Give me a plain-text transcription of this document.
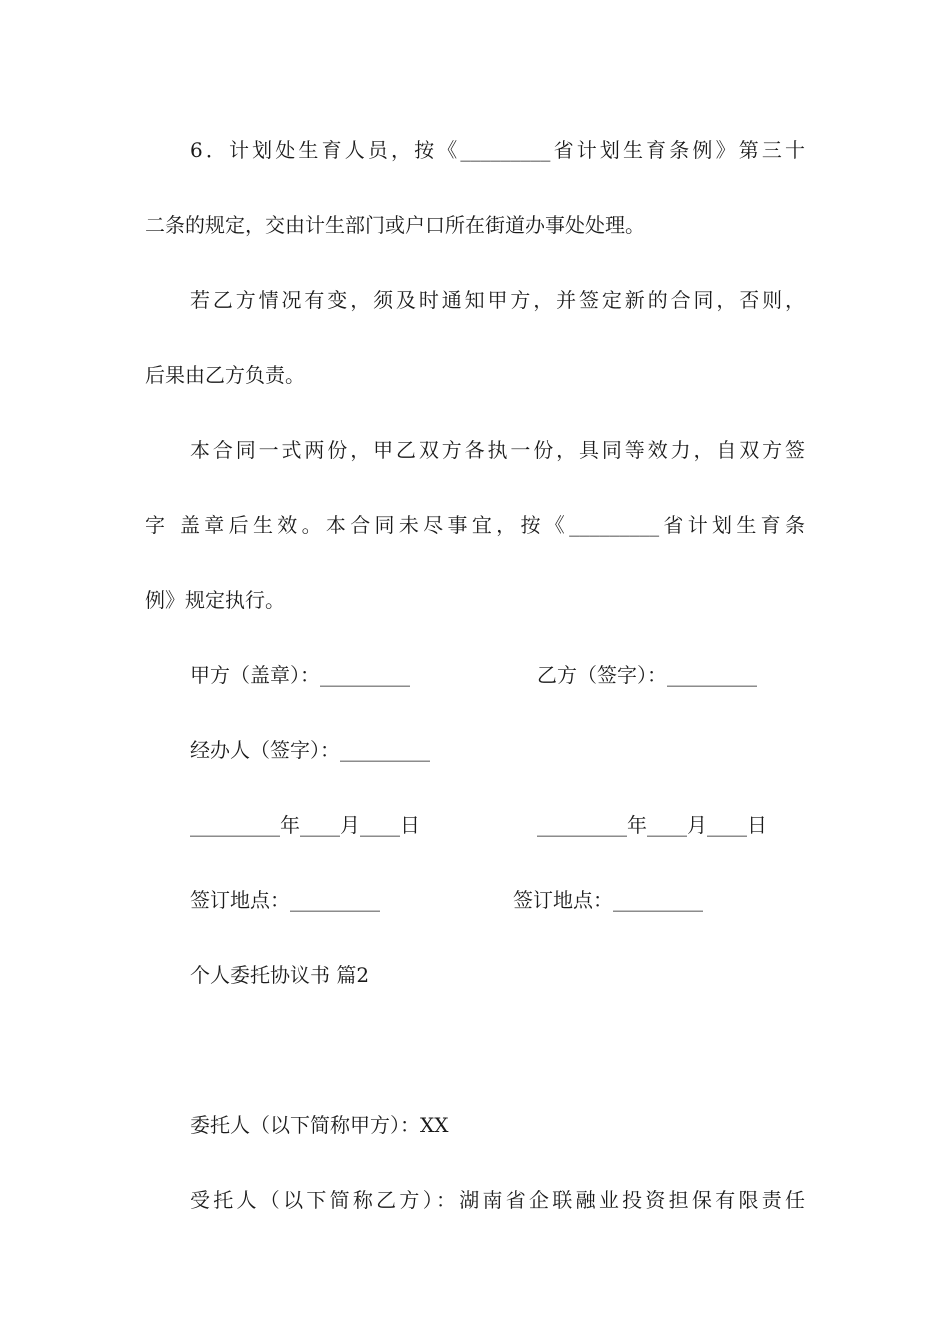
6．计划处生育人员，按《_________省计划生育条例》第三十
二条的规定，交由计生部门或户口所在街道办事处处理。
若乙方情况有变，须及时通知甲方，并签定新的合同，否则，
后果由乙方负责。
本合同一式两份，甲乙双方各执一份，具同等效力，自双方签
字 盖章后生效。本合同未尽事宜，按《_________省计划生育条
例》规定执行。
甲方（盖章）：_________	乙方（签字）：_________
经办人（签字）：_________
_________年____月____日	_________年____月____日
签订地点：_________	签订地点：_________
个人委托协议书 篇2
委托人（以下简称甲方）：XX
受托人（以下简称乙方）：湖南省企联融业投资担保有限责任
